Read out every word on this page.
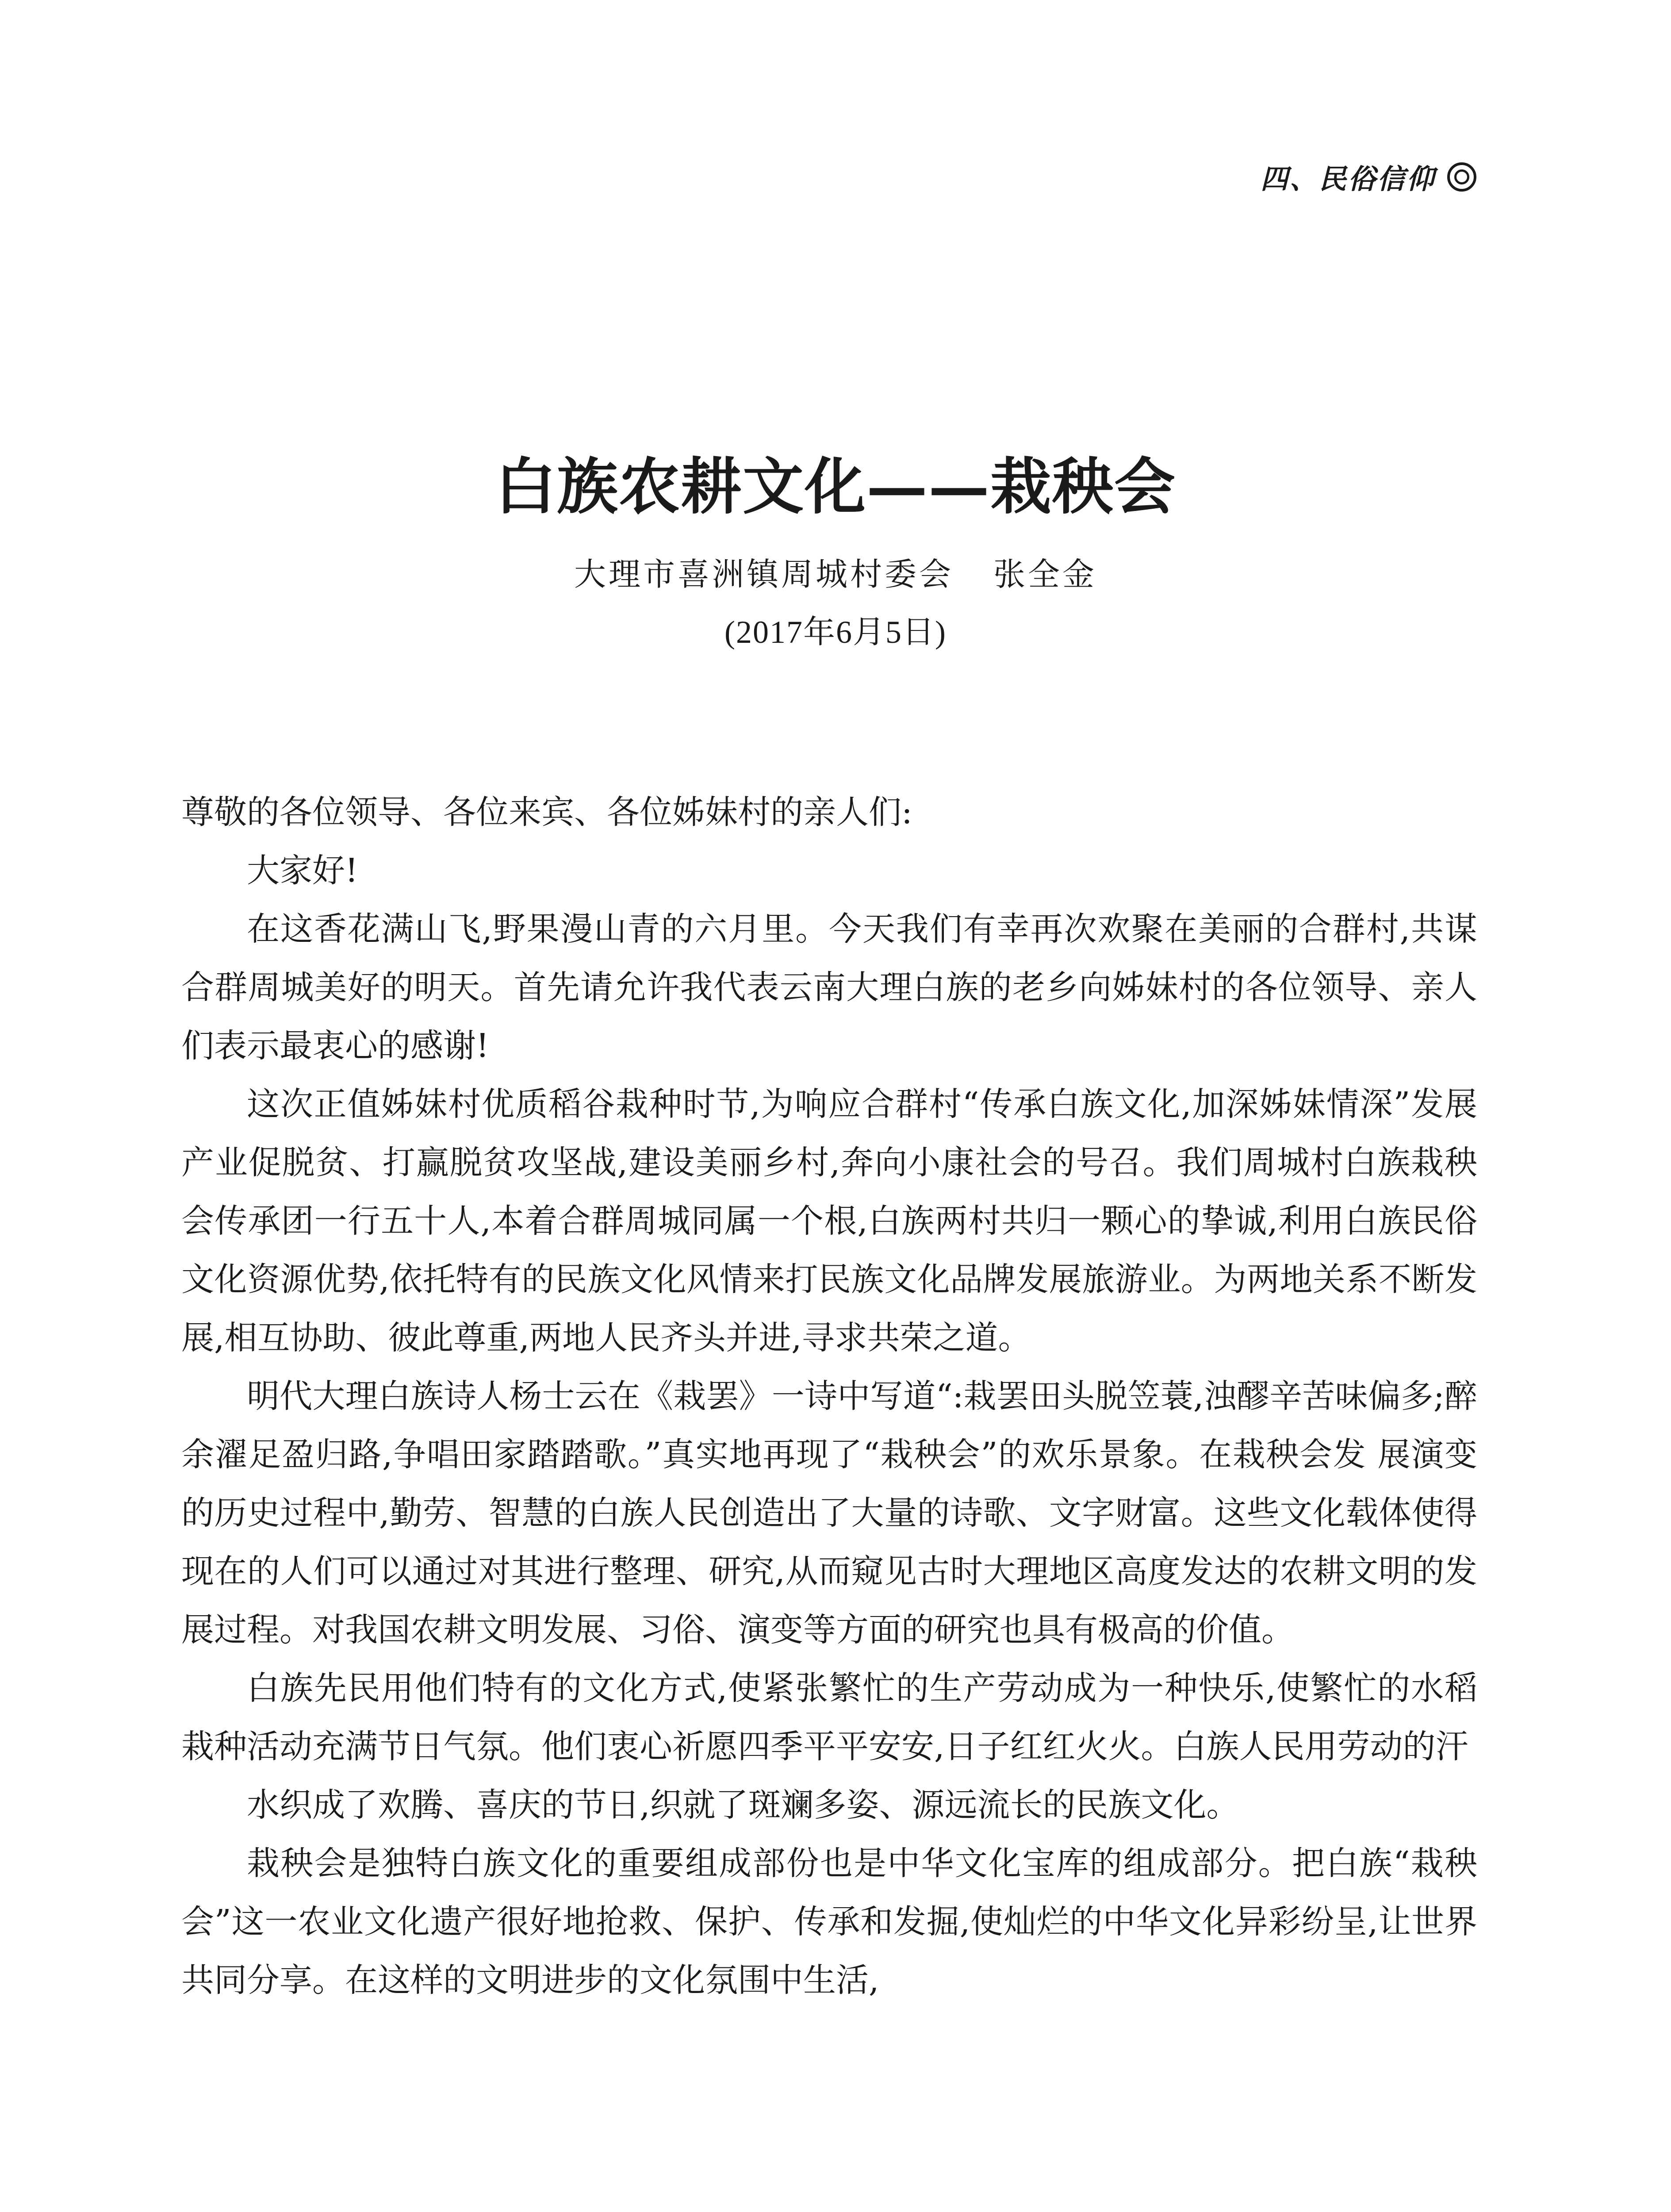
四、民俗信仰
白族农耕文化——栽秧会
大理市喜洲镇周城村委会 张全金
(2017年6月5日)

尊敬的各位领导、各位来宾、各位姊妹村的亲人们:

大家好!

在这香花满山飞,野果漫山青的六月里。今天我们有幸再次欢聚在美丽的合群村,共谋合群周城美好的明天。首先请允许我代表云南大理白族的老乡向姊妹村的各位领导、亲人们表示最衷心的感谢!

这次正值姊妹村优质稻谷栽种时节,为响应合群村“传承白族文化,加深姊妹情深”发展产业促脱贫、打赢脱贫攻坚战,建设美丽乡村,奔向小康社会的号召。我们周城村白族栽秧会传承团一行五十人,本着合群周城同属一个根,白族两村共归一颗心的挚诚,利用白族民俗文化资源优势,依托特有的民族文化风情来打民族文化品牌发展旅游业。为两地关系不断发展,相互协助、彼此尊重,两地人民齐头并进,寻求共荣之道。

明代大理白族诗人杨士云在《栽罢》一诗中写道“:栽罢田头脱笠蓑,浊醪辛苦味偏多;醉余濯足盈归路,争唱田家踏踏歌。”真实地再现了“栽秧会”的欢乐景象。在栽秧会发 展演变的历史过程中,勤劳、智慧的白族人民创造出了大量的诗歌、文字财富。这些文化载体使得现在的人们可以通过对其进行整理、研究,从而窥见古时大理地区高度发达的农耕文明的发展过程。对我国农耕文明发展、习俗、演变等方面的研究也具有极高的价值。

白族先民用他们特有的文化方式,使紧张繁忙的生产劳动成为一种快乐,使繁忙的水稻栽种活动充满节日气氛。他们衷心祈愿四季平平安安,日子红红火火。白族人民用劳动的汗

水织成了欢腾、喜庆的节日,织就了斑斓多姿、源远流长的民族文化。

栽秧会是独特白族文化的重要组成部份也是中华文化宝库的组成部分。把白族“栽秧会”这一农业文化遗产很好地抢救、保护、传承和发掘,使灿烂的中华文化异彩纷呈,让世界共同分享。在这样的文明进步的文化氛围中生活,
